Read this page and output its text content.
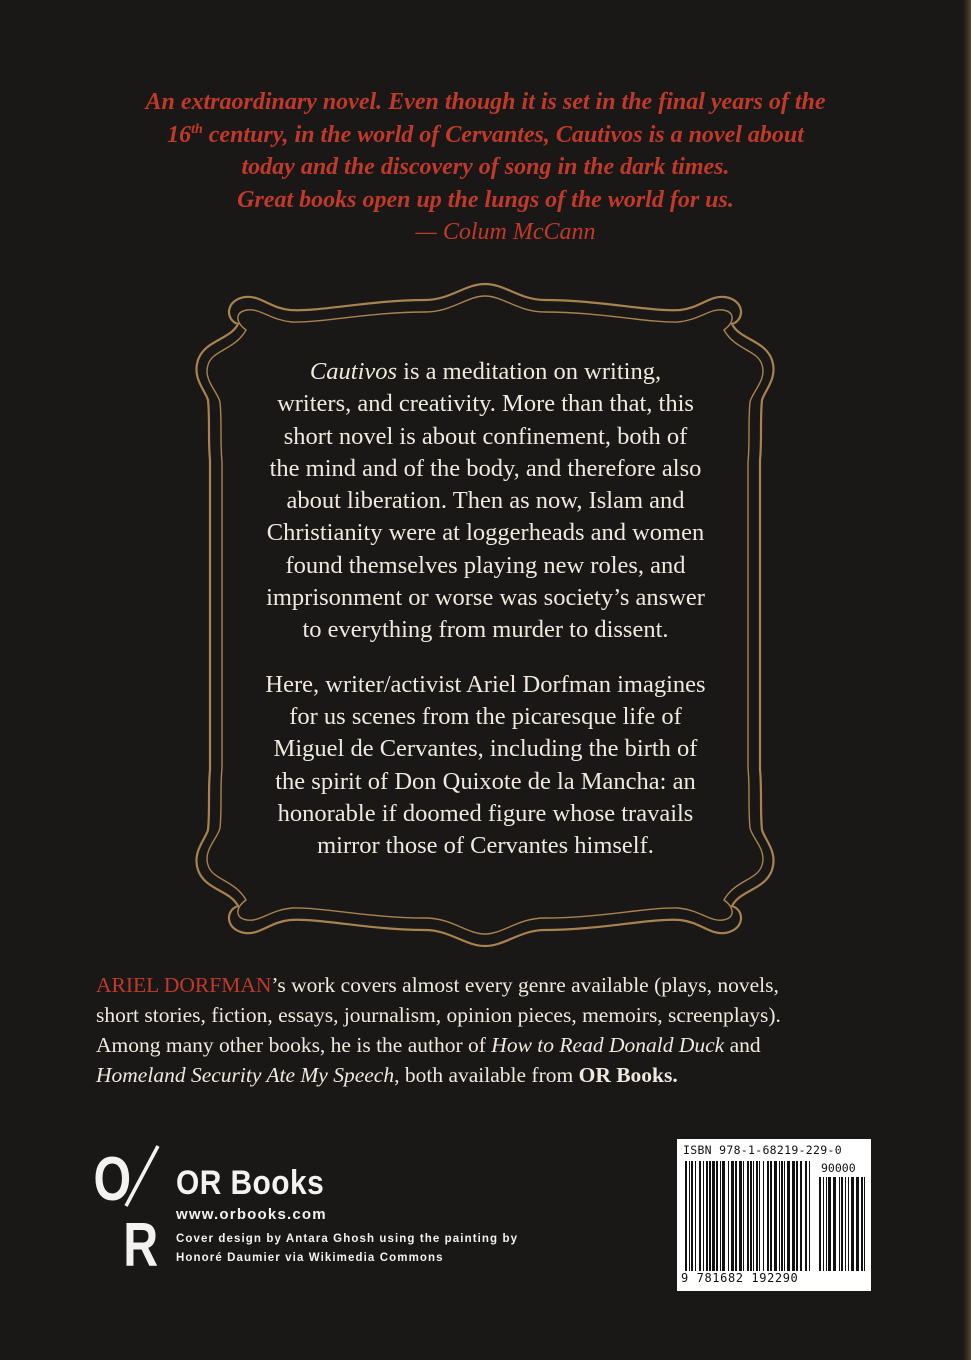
An extraordinary novel. Even though it is set in the final years of the
16th century, in the world of Cervantes, Cautivos is a novel about
today and the discovery of song in the dark times.
Great books open up the lungs of the world for us.
— Colum McCann

Cautivos is a meditation on writing,
writers, and creativity. More than that, this
short novel is about confinement, both of
the mind and of the body, and therefore also
about liberation. Then as now, Islam and
Christianity were at loggerheads and women
found themselves playing new roles, and
imprisonment or worse was society’s answer
to everything from murder to dissent.

Here, writer/activist Ariel Dorfman imagines
for us scenes from the picaresque life of
Miguel de Cervantes, including the birth of
the spirit of Don Quixote de la Mancha: an
honorable if doomed figure whose travails
mirror those of Cervantes himself.

ARIEL DORFMAN’s work covers almost every genre available (plays, novels,
short stories, fiction, essays, journalism, opinion pieces, memoirs, screenplays).
Among many other books, he is the author of How to Read Donald Duck and
Homeland Security Ate My Speech, both available from OR Books.
O
R
OR Books
www.orbooks.com
Cover design by Antara Ghosh using the painting by
Honoré Daumier via Wikimedia Commons
ISBN 978-1-68219-229-0
90000
9 781682 192290
